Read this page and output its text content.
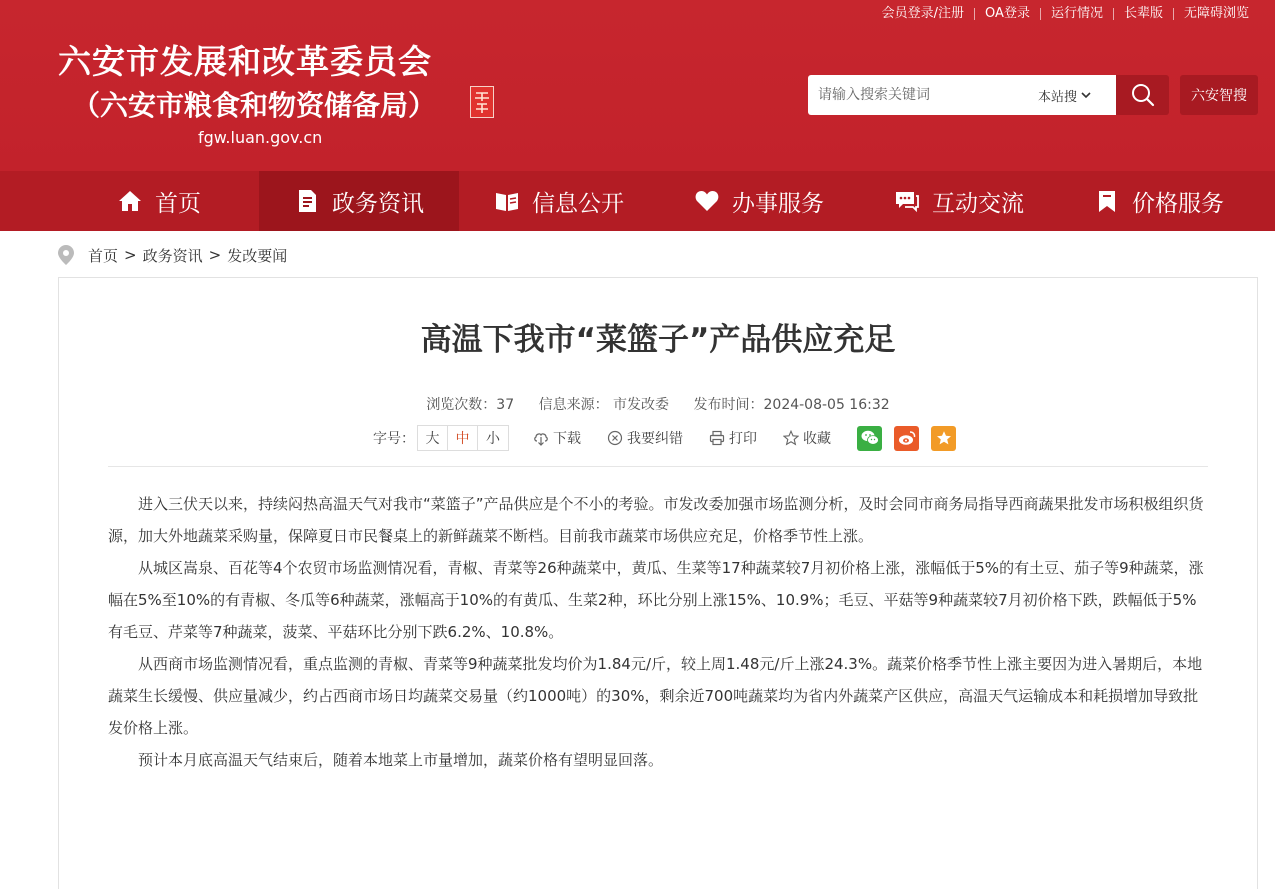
会员登录/注册	OA登录	运行情况	长辈版	无障碍浏览
六安市发展和改革委员会
（六安市粮食和物资储备局）
fgw.luan.gov.cn
请输入搜索关键词
本站搜	六安智搜
首页	政务资讯	信息公开	办事服务	互动交流	价格服务
首页 > 政务资讯 > 发改要闻
高温下我市“菜篮子”产品供应充足
浏览次数：37 信息来源： 市发改委 发布时间：2024-08-05 16:32
字号： 大	中	小	下载	我要纠错	打印	收藏

进入三伏天以来，持续闷热高温天气对我市“菜篮子”产品供应是个不小的考验。市发改委加强市场监测分析，及时会同市商务局指导西商蔬果批发市场积极组织货源，加大外地蔬菜采购量，保障夏日市民餐桌上的新鲜蔬菜不断档。目前我市蔬菜市场供应充足，价格季节性上涨。

从城区嵩泉、百花等4个农贸市场监测情况看，青椒、青菜等26种蔬菜中，黄瓜、生菜等17种蔬菜较7月初价格上涨，涨幅低于5%的有土豆、茄子等9种蔬菜，涨幅在5%至10%的有青椒、冬瓜等6种蔬菜，涨幅高于10%的有黄瓜、生菜2种，环比分别上涨15%、10.9%；毛豆、平菇等9种蔬菜较7月初价格下跌，跌幅低于5%有毛豆、芹菜等7种蔬菜，菠菜、平菇环比分别下跌6.2%、10.8%。

从西商市场监测情况看，重点监测的青椒、青菜等9种蔬菜批发均价为1.84元/斤，较上周1.48元/斤上涨24.3%。蔬菜价格季节性上涨主要因为进入暑期后，本地蔬菜生长缓慢、供应量减少，约占西商市场日均蔬菜交易量（约1000吨）的30%，剩余近700吨蔬菜均为省内外蔬菜产区供应，高温天气运输成本和耗损增加导致批发价格上涨。

预计本月底高温天气结束后，随着本地菜上市量增加，蔬菜价格有望明显回落。
